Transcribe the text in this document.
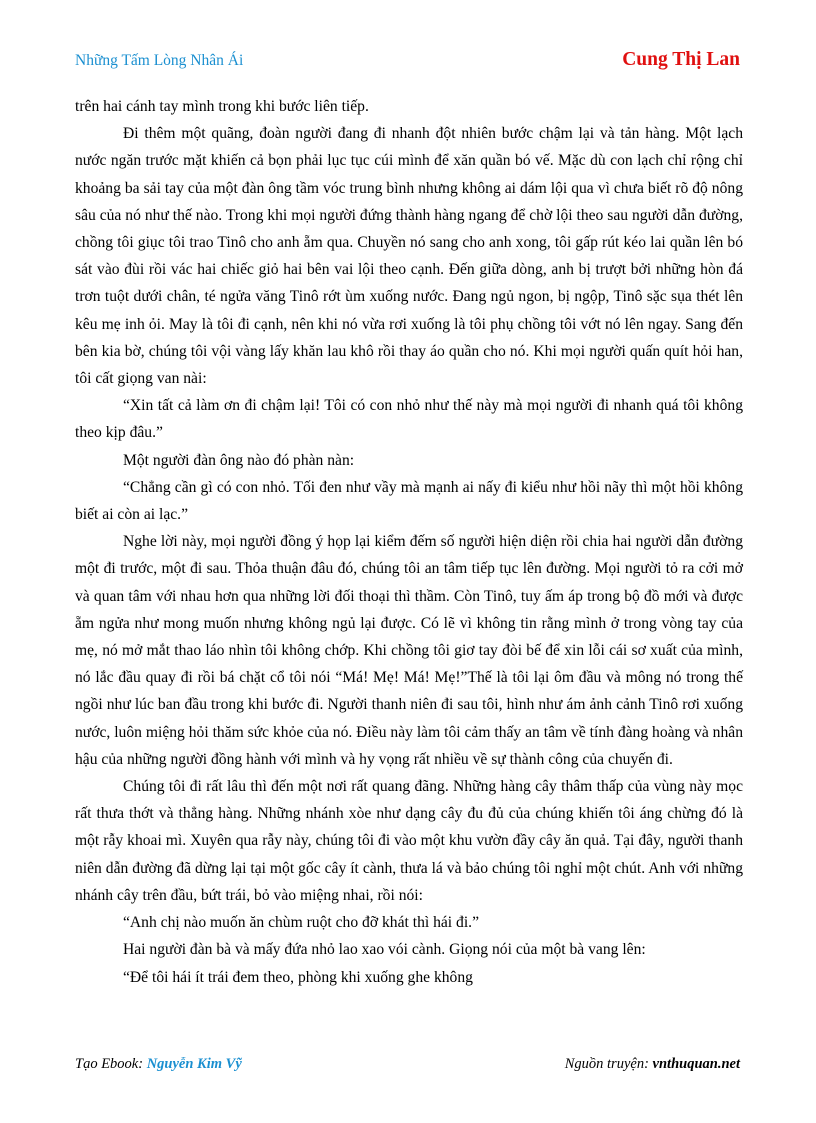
Những Tấm Lòng Nhân Ái	Cung Thị Lan

trên hai cánh tay mình trong khi bước liên tiếp.

Đi thêm một quãng, đoàn người đang đi nhanh đột nhiên bước chậm lại và tản hàng. Một lạch nước ngăn trước mặt khiến cả bọn phải lục tục cúi mình để xăn quần bó vế. Mặc dù con lạch chỉ rộng chỉ khoảng ba sải tay của một đàn ông tầm vóc trung bình nhưng không ai dám lội qua vì chưa biết rõ độ nông sâu của nó như thế nào. Trong khi mọi người đứng thành hàng ngang để chờ lội theo sau người dẫn đường, chồng tôi giục tôi trao Tinô cho anh ẵm qua. Chuyền nó sang cho anh xong, tôi gấp rút kéo lai quần lên bó sát vào đùi rồi vác hai chiếc giỏ hai bên vai lội theo cạnh. Đến giữa dòng, anh bị trượt bởi những hòn đá trơn tuột dưới chân, té ngửa văng Tinô rớt ùm xuống nước. Đang ngủ ngon, bị ngộp, Tinô sặc sụa thét lên kêu mẹ inh ỏi. May là tôi đi cạnh, nên khi nó vừa rơi xuống là tôi phụ chồng tôi vớt nó lên ngay. Sang đến bên kia bờ, chúng tôi vội vàng lấy khăn lau khô rồi thay áo quần cho nó. Khi mọi người quấn quít hỏi han, tôi cất giọng van nài:

“Xin tất cả làm ơn đi chậm lại! Tôi có con nhỏ như thế này mà mọi người đi nhanh quá tôi không theo kịp đâu.”

Một người đàn ông nào đó phàn nàn:

“Chẳng cần gì có con nhỏ. Tối đen như vầy mà mạnh ai nấy đi kiểu như hồi nãy thì một hồi không biết ai còn ai lạc.”

Nghe lời này, mọi người đồng ý họp lại kiểm đếm số người hiện diện rồi chia hai người dẫn đường một đi trước, một đi sau. Thỏa thuận đâu đó, chúng tôi an tâm tiếp tục lên đường. Mọi người tỏ ra cởi mở và quan tâm với nhau hơn qua những lời đối thoại thì thầm. Còn Tinô, tuy ấm áp trong bộ đồ mới và được ẵm ngửa như mong muốn nhưng không ngủ lại được. Có lẽ vì không tin rằng mình ở trong vòng tay của mẹ, nó mở mắt thao láo nhìn tôi không chớp. Khi chồng tôi giơ tay đòi bế để xin lỗi cái sơ xuất của mình, nó lắc đầu quay đi rồi bá chặt cổ tôi nói “Má! Mẹ! Má! Mẹ!”Thế là tôi lại ôm đầu và mông nó trong thế ngồi như lúc ban đầu trong khi bước đi. Người thanh niên đi sau tôi, hình như ám ảnh cảnh Tinô rơi xuống nước, luôn miệng hỏi thăm sức khỏe của nó. Điều này làm tôi cảm thấy an tâm về tính đàng hoàng và nhân hậu của những người đồng hành với mình và hy vọng rất nhiều về sự thành công của chuyến đi.

Chúng tôi đi rất lâu thì đến một nơi rất quang đãng. Những hàng cây thâm thấp của vùng này mọc rất thưa thớt và thẳng hàng. Những nhánh xòe như dạng cây đu đủ của chúng khiến tôi áng chừng đó là một rẫy khoai mì. Xuyên qua rẫy này, chúng tôi đi vào một khu vườn đầy cây ăn quả. Tại đây, người thanh niên dẫn đường đã dừng lại tại một gốc cây ít cành, thưa lá và bảo chúng tôi nghỉ một chút. Anh với những nhánh cây trên đầu, bứt trái, bỏ vào miệng nhai, rồi nói:

“Anh chị nào muốn ăn chùm ruột cho đỡ khát thì hái đi.”

Hai người đàn bà và mấy đứa nhỏ lao xao vói cành. Giọng nói của một bà vang lên:

“Để tôi hái ít trái đem theo, phòng khi xuống ghe không

Tạo Ebook: Nguyễn Kim Vỹ	Nguồn truyện: vnthuquan.net
